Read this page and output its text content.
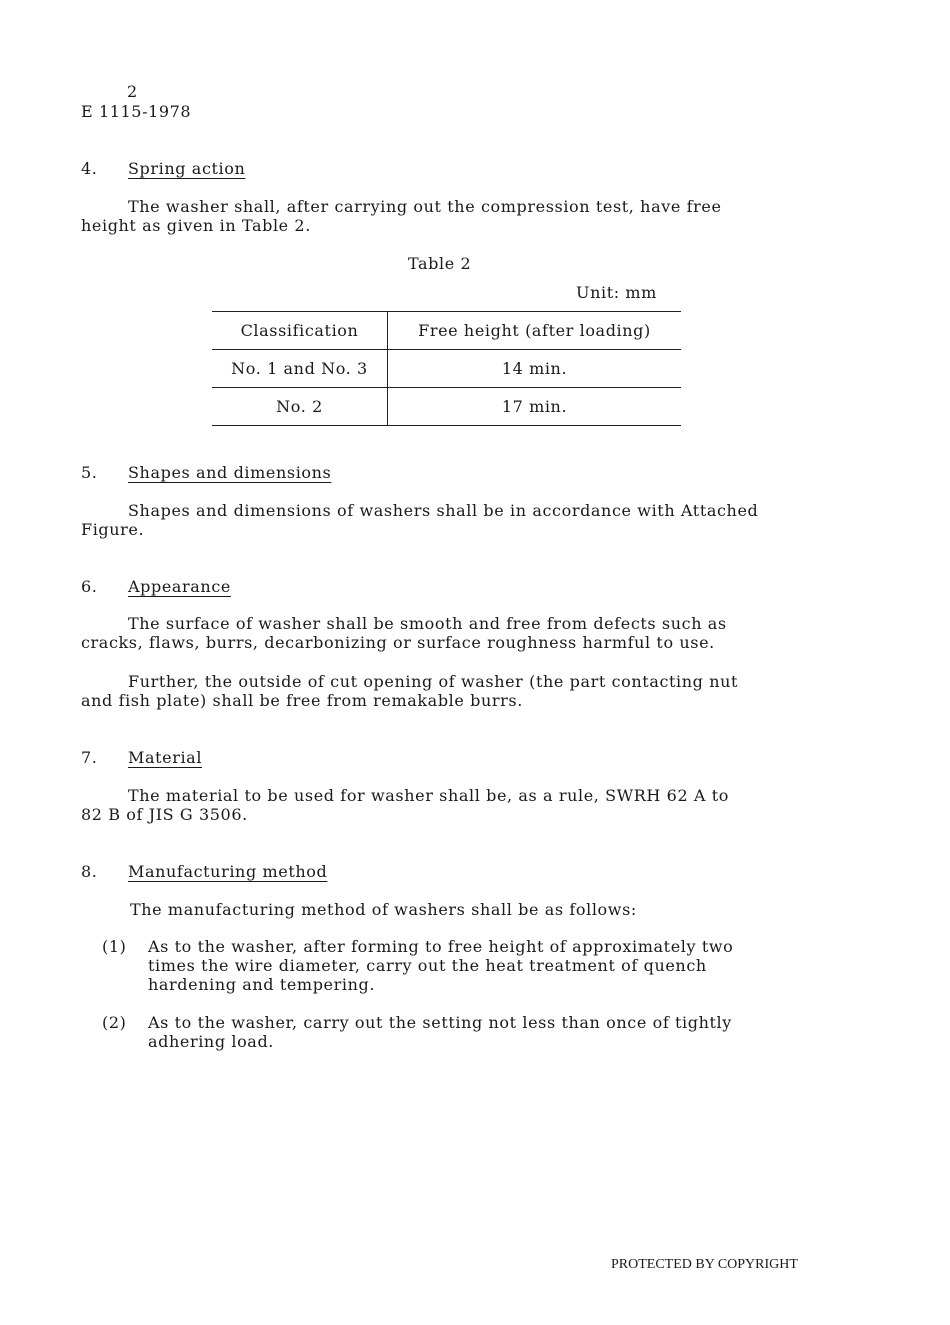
2
E 1115-1978
4. Spring action
The washer shall, after carrying out the compression test, have free
height as given in Table 2.
Table 2
Unit: mm
Classification	Free height (after loading)
No. 1 and No. 3	14 min.
No. 2	17 min.
5. Shapes and dimensions
Shapes and dimensions of washers shall be in accordance with Attached
Figure.
6. Appearance
The surface of washer shall be smooth and free from defects such as
cracks, flaws, burrs, decarbonizing or surface roughness harmful to use.
Further, the outside of cut opening of washer (the part contacting nut
and fish plate) shall be free from remakable burrs.
7. Material
The material to be used for washer shall be, as a rule, SWRH 62 A to
82 B of JIS G 3506.
8. Manufacturing method
The manufacturing method of washers shall be as follows:
(1) As to the washer, after forming to free height of approximately two
times the wire diameter, carry out the heat treatment of quench
hardening and tempering.
(2) As to the washer, carry out the setting not less than once of tightly
adhering load.
PROTECTED BY COPYRIGHT
